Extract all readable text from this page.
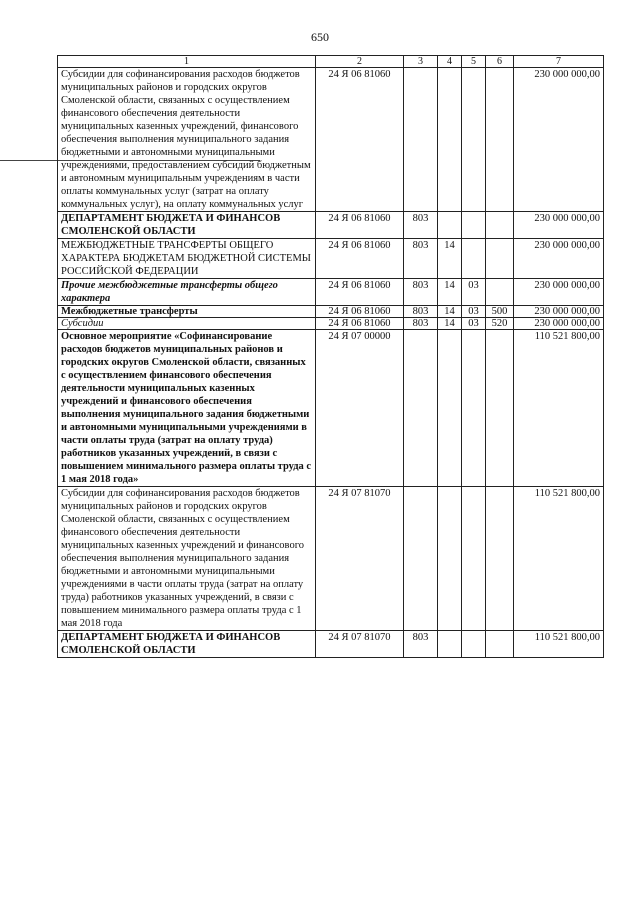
650
1	2	3	4	5	6	7
Субсидии для софинансирования расходов бюджетов муниципальных районов и городских округов Смоленской области, связанных с осуществлением финансового обеспечения деятельности муниципальных казенных учреждений, финансового обеспечения выполнения муниципального задания бюджетными и автономными муниципальными учреждениями, предоставлением субсидий бюджетным и автономным муниципальным учреждениям в части оплаты коммунальных услуг (затрат на оплату коммунальных услуг), на оплату коммунальных услуг	24 Я 06 81060					230 000 000,00
ДЕПАРТАМЕНТ БЮДЖЕТА И ФИНАНСОВ СМОЛЕНСКОЙ ОБЛАСТИ	24 Я 06 81060	803				230 000 000,00
МЕЖБЮДЖЕТНЫЕ ТРАНСФЕРТЫ ОБЩЕГО ХАРАКТЕРА БЮДЖЕТАМ БЮДЖЕТНОЙ СИСТЕМЫ РОССИЙСКОЙ ФЕДЕРАЦИИ	24 Я 06 81060	803	14			230 000 000,00
Прочие межбюджетные трансферты общего характера	24 Я 06 81060	803	14	03		230 000 000,00
Межбюджетные трансферты	24 Я 06 81060	803	14	03	500	230 000 000,00
Субсидии	24 Я 06 81060	803	14	03	520	230 000 000,00
Основное мероприятие «Софинансирование расходов бюджетов муниципальных районов и городских округов Смоленской области, связанных с осуществлением финансового обеспечения деятельности муниципальных казенных учреждений и финансового обеспечения выполнения муниципального задания бюджетными и автономными муниципальными учреждениями в части оплаты труда (затрат на оплату труда) работников указанных учреждений, в связи с повышением минимального размера оплаты труда с 1 мая 2018 года»	24 Я 07 00000					110 521 800,00
Субсидии для софинансирования расходов бюджетов муниципальных районов и городских округов Смоленской области, связанных с осуществлением финансового обеспечения деятельности муниципальных казенных учреждений и финансового обеспечения выполнения муниципального задания бюджетными и автономными муниципальными учреждениями в части оплаты труда (затрат на оплату труда) работников указанных учреждений, в связи с повышением минимального размера оплаты труда с 1 мая 2018 года	24 Я 07 81070					110 521 800,00
ДЕПАРТАМЕНТ БЮДЖЕТА И ФИНАНСОВ СМОЛЕНСКОЙ ОБЛАСТИ	24 Я 07 81070	803				110 521 800,00
